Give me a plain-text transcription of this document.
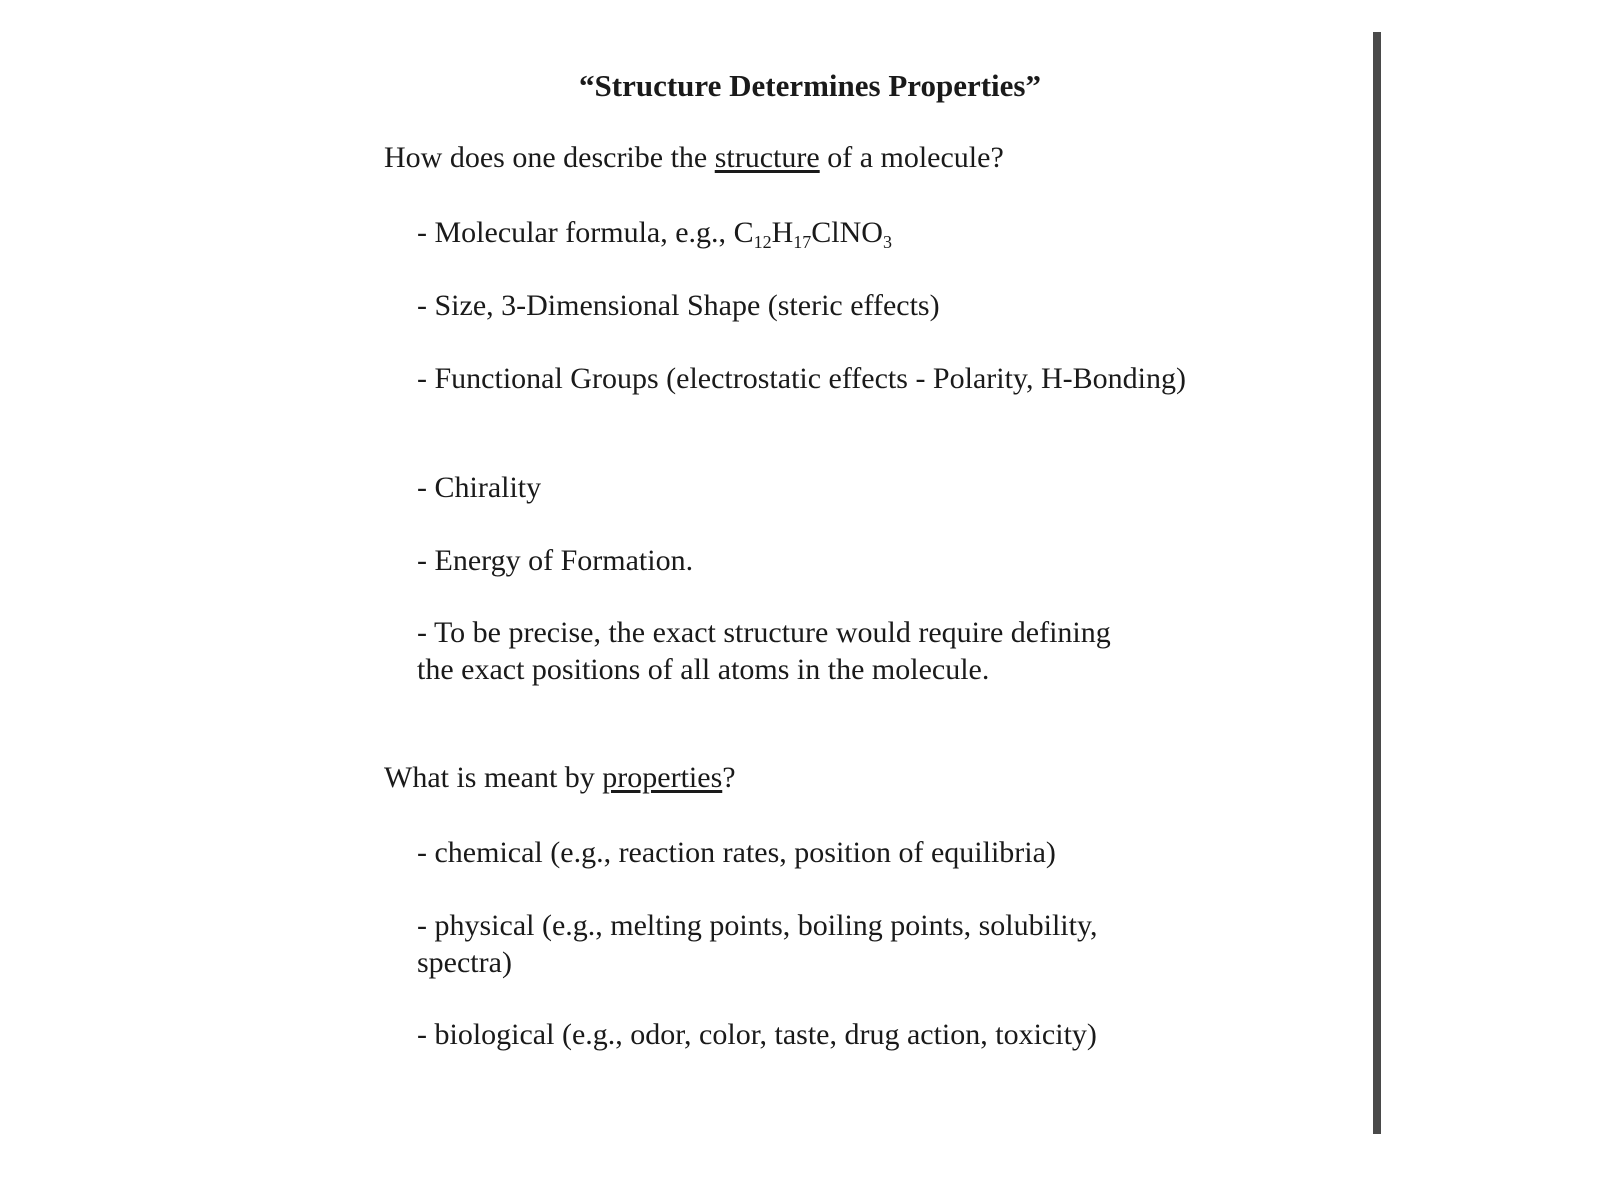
“Structure Determines Properties”
How does one describe the structure of a molecule?
- Molecular formula, e.g., $C_{12}H_{17}ClNO_3$
- Size, 3-Dimensional Shape (steric effects)
- Functional Groups (electrostatic effects - Polarity, H-Bonding)
- Chirality
- Energy of Formation.
- To be precise, the exact structure would require defining the exact positions of all atoms in the molecule.
What is meant by properties?
- chemical (e.g., reaction rates, position of equilibria)
- physical (e.g., melting points, boiling points, solubility, spectra)
- biological (e.g., odor, color, taste, drug action, toxicity)
